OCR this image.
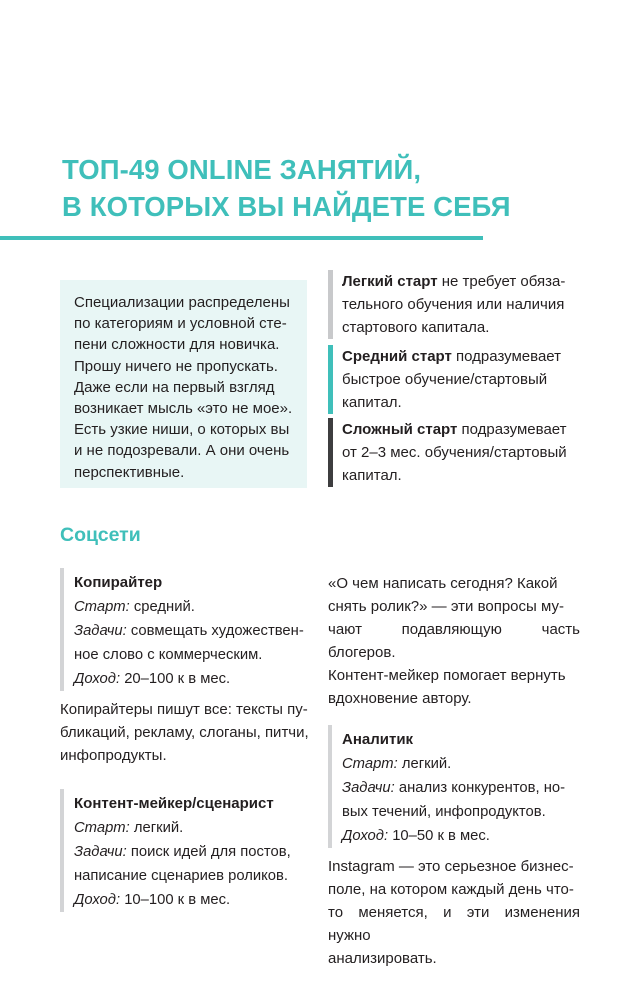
ТОП-49 ONLINE ЗАНЯТИЙ,
В КОТОРЫХ ВЫ НАЙДЕТЕ СЕБЯ
Специализации распределены
по категориям и условной сте-
пени сложности для новичка.
Прошу ничего не пропускать.
Даже если на первый взгляд
возникает мысль «это не мое».
Есть узкие ниши, о которых вы
и не подозревали. А они очень
перспективные.
Легкий старт не требует обяза-
тельного обучения или наличия
стартового капитала.
Средний старт подразумевает
быстрое обучение/стартовый
капитал.
Сложный старт подразумевает
от 2–3 мес. обучения/стартовый
капитал.
Соцсети
Копирайтер
Старт: средний.
Задачи: совмещать художествен-
ное слово с коммерческим.
Доход: 20–100 к в мес.
Копирайтеры пишут все: тексты пу-
бликаций, рекламу, слоганы, питчи,
инфопродукты.
Контент-мейкер/сценарист
Старт: легкий.
Задачи: поиск идей для постов,
написание сценариев роликов.
Доход: 10–100 к в мес.
«О чем написать сегодня? Какой
снять ролик?» — эти вопросы му-
чают подавляющую часть блогеров.
Контент-мейкер помогает вернуть
вдохновение автору.
Аналитик
Старт: легкий.
Задачи: анализ конкурентов, но-
вых течений, инфопродуктов.
Доход: 10–50 к в мес.
Instagram — это серьезное бизнес-
поле, на котором каждый день что-
то меняется, и эти изменения нужно
анализировать.
